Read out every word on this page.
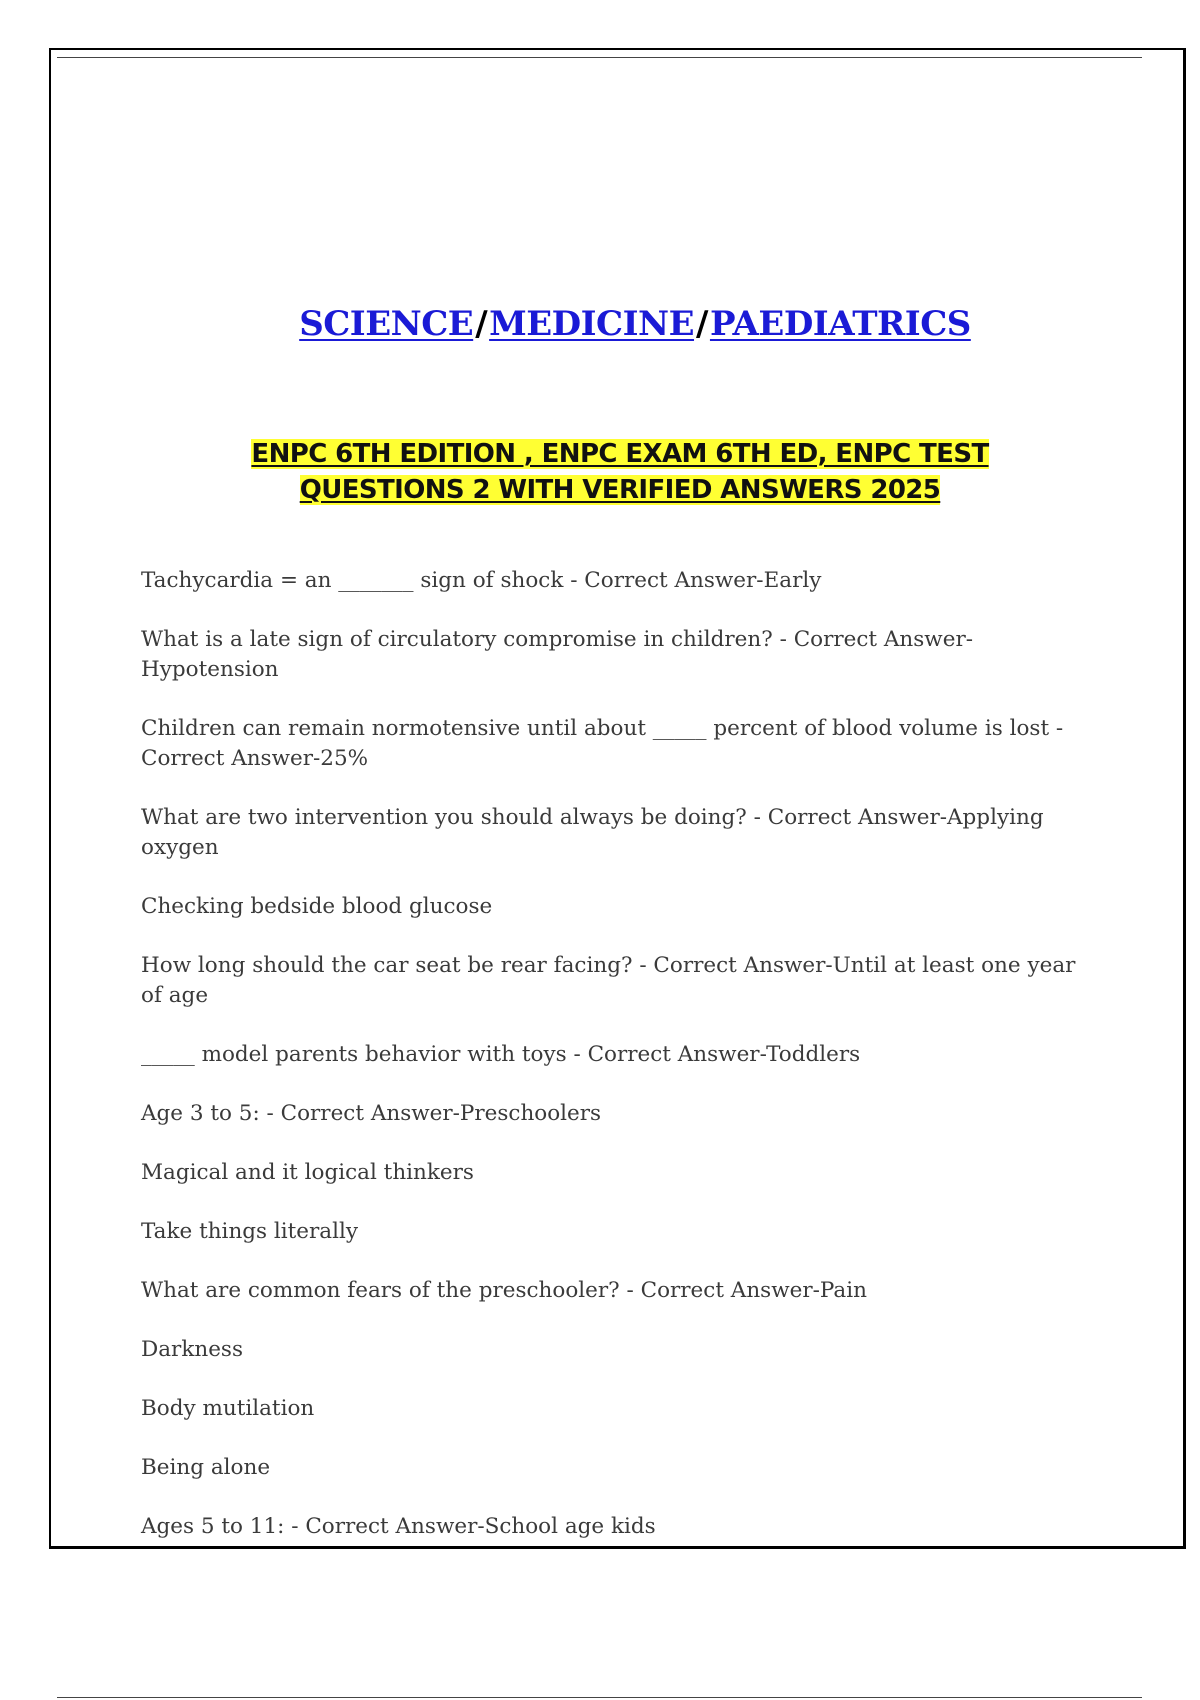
SCIENCE/MEDICINE/PAEDIATRICS
ENPC 6TH EDITION , ENPC EXAM 6TH ED, ENPC TEST
QUESTIONS 2 WITH VERIFIED ANSWERS 2025

Tachycardia = an _______ sign of shock - Correct Answer-Early

What is a late sign of circulatory compromise in children? - Correct Answer-Hypotension

Children can remain normotensive until about _____ percent of blood volume is lost - Correct Answer-25%

What are two intervention you should always be doing? - Correct Answer-Applying oxygen

Checking bedside blood glucose

How long should the car seat be rear facing? - Correct Answer-Until at least one year of age

_____ model parents behavior with toys - Correct Answer-Toddlers

Age 3 to 5: - Correct Answer-Preschoolers

Magical and it logical thinkers

Take things literally

What are common fears of the preschooler? - Correct Answer-Pain

Darkness

Body mutilation

Being alone

Ages 5 to 11: - Correct Answer-School age kids
